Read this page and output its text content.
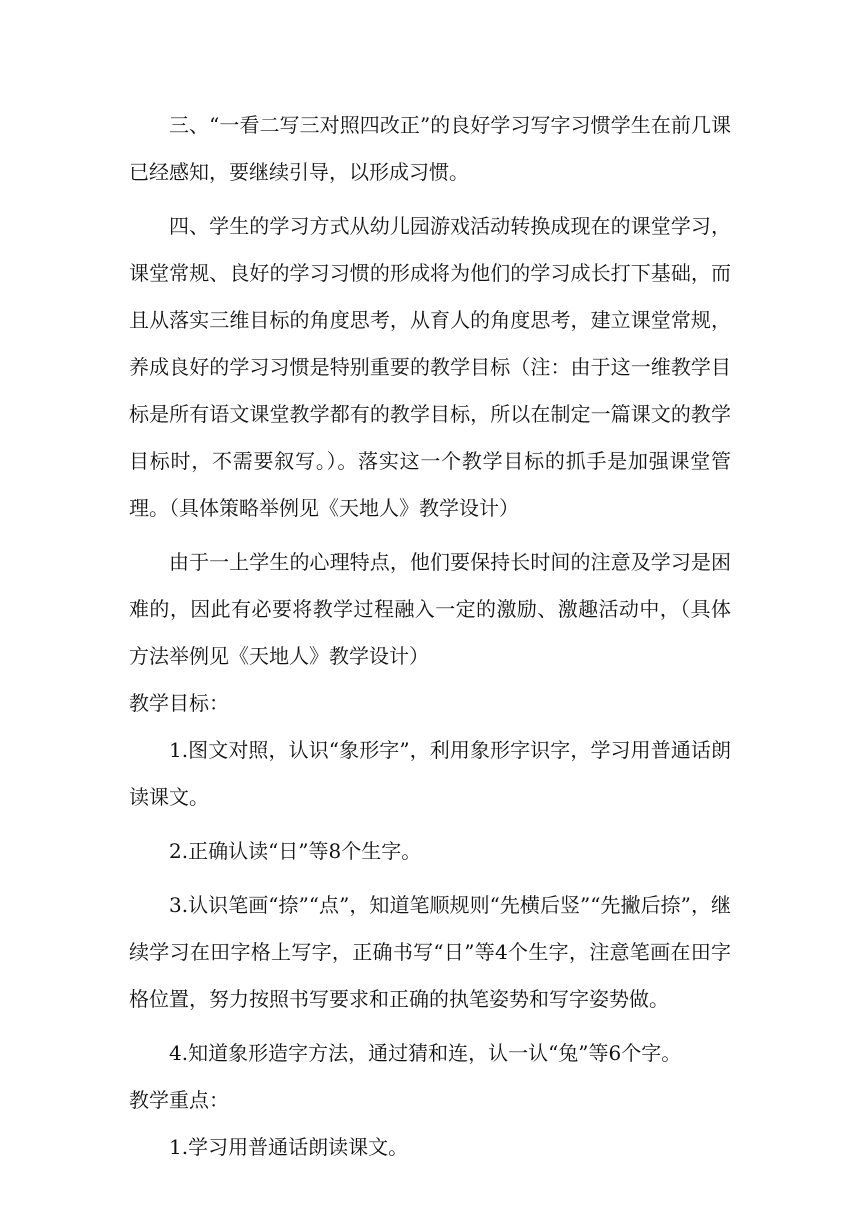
三、“一看二写三对照四改正”的良好学习写字习惯学生在前几课已经感知，要继续引导，以形成习惯。

四、学生的学习方式从幼儿园游戏活动转换成现在的课堂学习，课堂常规、良好的学习习惯的形成将为他们的学习成长打下基础，而且从落实三维目标的角度思考，从育人的角度思考，建立课堂常规，养成良好的学习习惯是特别重要的教学目标（注：由于这一维教学目标是所有语文课堂教学都有的教学目标，所以在制定一篇课文的教学目标时，不需要叙写。）。落实这一个教学目标的抓手是加强课堂管理。（具体策略举例见《天地人》教学设计）

由于一上学生的心理特点，他们要保持长时间的注意及学习是困难的，因此有必要将教学过程融入一定的激励、激趣活动中，（具体方法举例见《天地人》教学设计）

教学目标：

1.图文对照，认识“象形字”，利用象形字识字，学习用普通话朗读课文。

2.正确认读“日”等8个生字。

3.认识笔画“捺”“点”，知道笔顺规则“先横后竖”“先撇后捺”，继续学习在田字格上写字，正确书写“日”等4个生字，注意笔画在田字格位置，努力按照书写要求和正确的执笔姿势和写字姿势做。

4.知道象形造字方法，通过猜和连，认一认“兔”等6个字。

教学重点：

1.学习用普通话朗读课文。
